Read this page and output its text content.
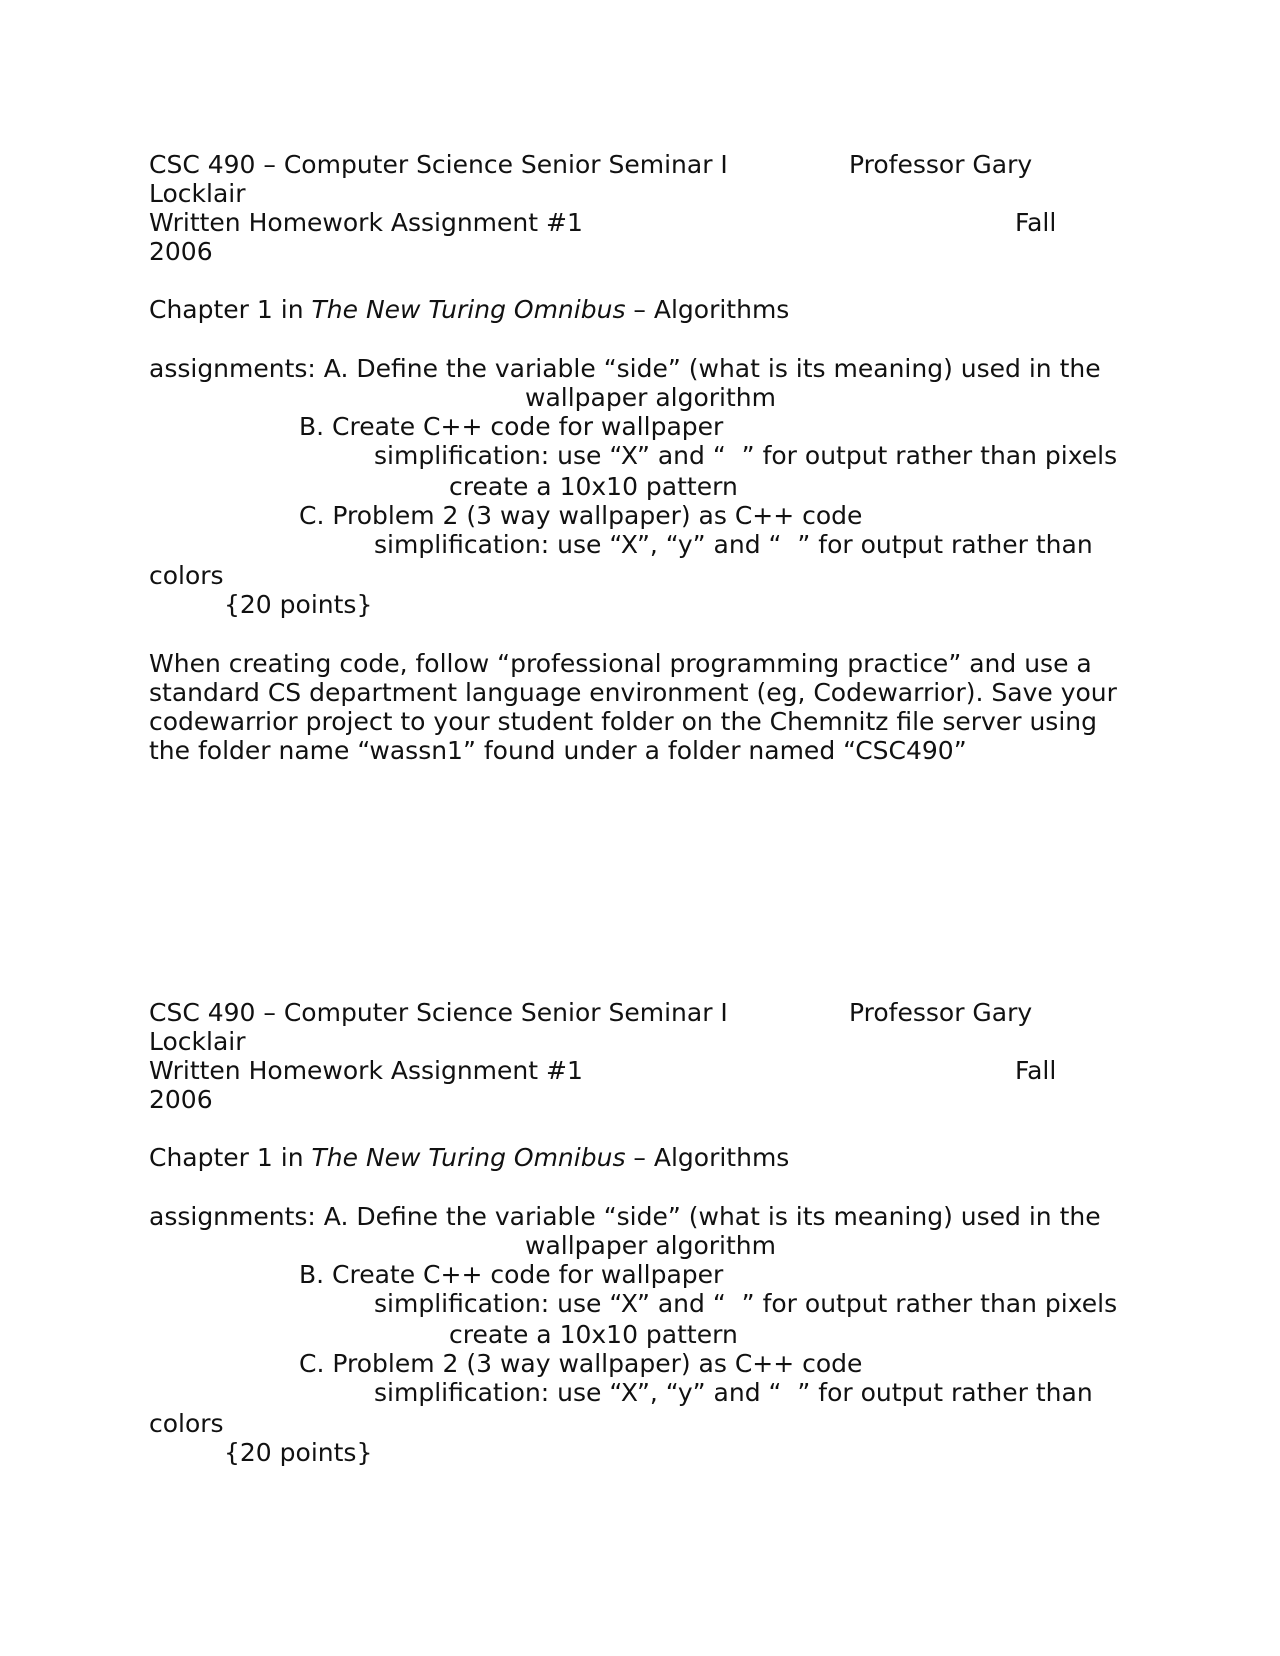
CSC 490 – Computer Science Senior Seminar I	Professor Gary
Locklair
Written Homework Assignment #1	Fall
2006
Chapter 1 in The New Turing Omnibus – Algorithms
assignments: A. Define the variable “side” (what is its meaning) used in the
wallpaper algorithm
B. Create C++ code for wallpaper
simplification: use “X” and “  ” for output rather than pixels
create a 10x10 pattern
C. Problem 2 (3 way wallpaper) as C++ code
simplification: use “X”, “y” and “  ” for output rather than
colors
{20 points}
When creating code, follow “professional programming practice” and use a
standard CS department language environment (eg, Codewarrior). Save your
codewarrior project to your student folder on the Chemnitz file server using
the folder name “wassn1” found under a folder named “CSC490”
CSC 490 – Computer Science Senior Seminar I	Professor Gary
Locklair
Written Homework Assignment #1	Fall
2006
Chapter 1 in The New Turing Omnibus – Algorithms
assignments: A. Define the variable “side” (what is its meaning) used in the
wallpaper algorithm
B. Create C++ code for wallpaper
simplification: use “X” and “  ” for output rather than pixels
create a 10x10 pattern
C. Problem 2 (3 way wallpaper) as C++ code
simplification: use “X”, “y” and “  ” for output rather than
colors
{20 points}
